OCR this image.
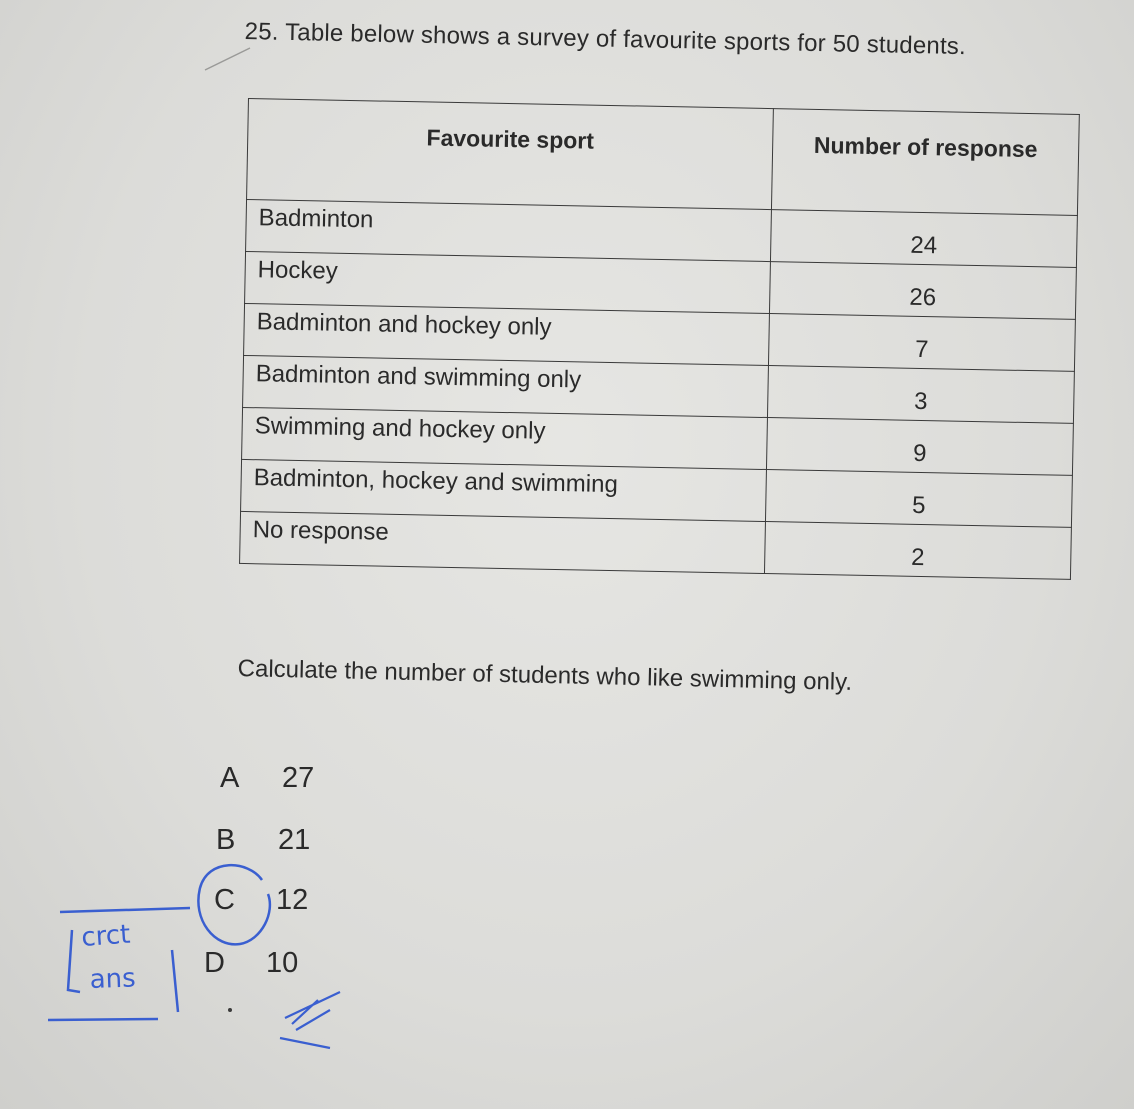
25. Table below shows a survey of favourite sports for 50 students.
Favourite sport	Number of response
Badminton	24
Hockey	26
Badminton and hockey only	7
Badminton and swimming only	3
Swimming and hockey only	9
Badminton, hockey and swimming	5
No response	2
Calculate the number of students who like swimming only.
A 27
B 21
C 12
D 10
crct
ans
